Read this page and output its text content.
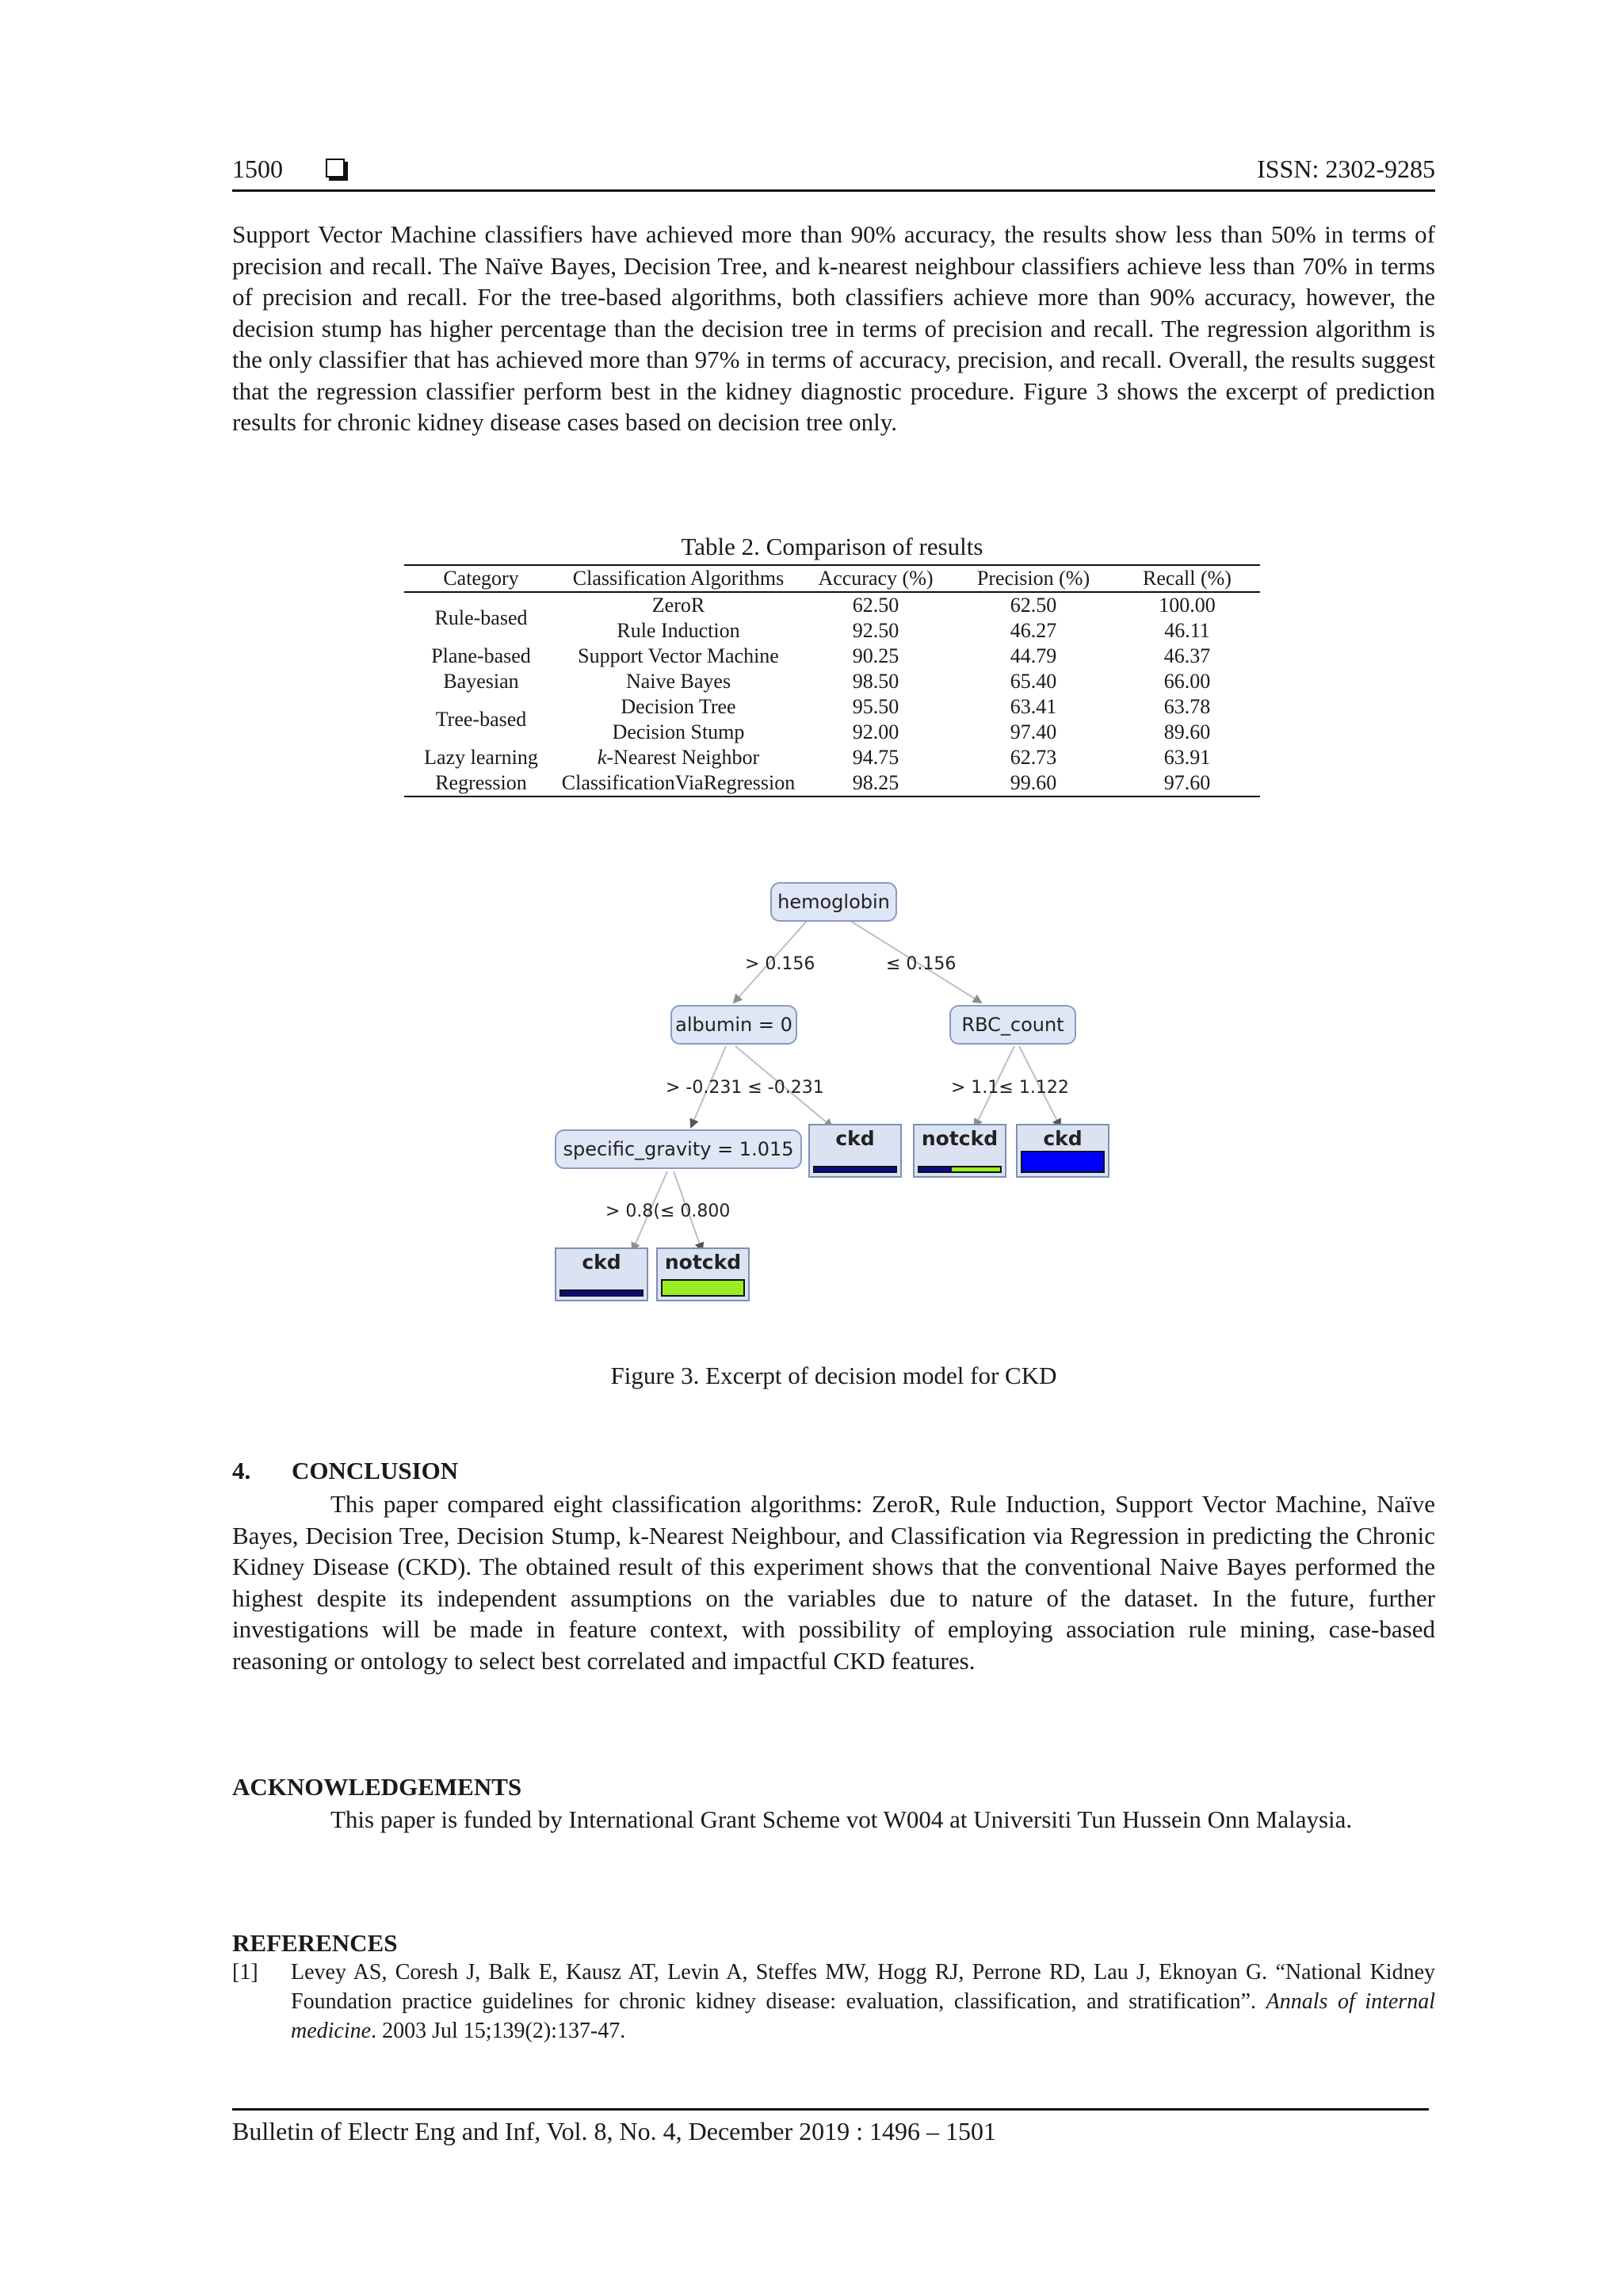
1500	ISSN: 2302-9285

Support Vector Machine classifiers have achieved more than 90% accuracy, the results show less than 50% in terms of precision and recall. The Naïve Bayes, Decision Tree, and k-nearest neighbour classifiers achieve less than 70% in terms of precision and recall. For the tree-based algorithms, both classifiers achieve more than 90% accuracy, however, the decision stump has higher percentage than the decision tree in terms of precision and recall. The regression algorithm is the only classifier that has achieved more than 97% in terms of accuracy, precision, and recall. Overall, the results suggest that the regression classifier perform best in the kidney diagnostic procedure. Figure 3 shows the excerpt of prediction results for chronic kidney disease cases based on decision tree only.

Table 2. Comparison of results
Category	Classification Algorithms	Accuracy (%)	Precision (%)	Recall (%)
Rule-based	ZeroR	62.50	62.50	100.00
	Rule Induction	92.50	46.27	46.11
Plane-based	Support Vector Machine	90.25	44.79	46.37
Bayesian	Naive Bayes	98.50	65.40	66.00
Tree-based	Decision Tree	95.50	63.41	63.78
	Decision Stump	92.00	97.40	89.60
Lazy learning	k-Nearest Neighbor	94.75	62.73	63.91
Regression	ClassificationViaRegression	98.25	99.60	97.60
hemoglobin
albumin = 0	RBC_count
specific_gravity = 1.015
> 0.156	≤ 0.156
> -0.231 ≤ -0.231	> 1.1≤ 1.122
> 0.8(≤ 0.800
ckd	notckd	ckd
ckd	notckd
Figure 3. Excerpt of decision model for CKD
4. CONCLUSION

This paper compared eight classification algorithms: ZeroR, Rule Induction, Support Vector Machine, Naïve Bayes, Decision Tree, Decision Stump, k-Nearest Neighbour, and Classification via Regression in predicting the Chronic Kidney Disease (CKD). The obtained result of this experiment shows that the conventional Naive Bayes performed the highest despite its independent assumptions on the variables due to nature of the dataset. In the future, further investigations will be made in feature context, with possibility of employing association rule mining, case-based reasoning or ontology to select best correlated and impactful CKD features.

ACKNOWLEDGEMENTS

This paper is funded by International Grant Scheme vot W004 at Universiti Tun Hussein Onn Malaysia.

REFERENCES
[1] Levey AS, Coresh J, Balk E, Kausz AT, Levin A, Steffes MW, Hogg RJ, Perrone RD, Lau J, Eknoyan G. “National Kidney Foundation practice guidelines for chronic kidney disease: evaluation, classification, and stratification”. Annals of internal medicine. 2003 Jul 15;139(2):137-47.
Bulletin of Electr Eng and Inf, Vol. 8, No. 4, December 2019 : 1496 – 1501
